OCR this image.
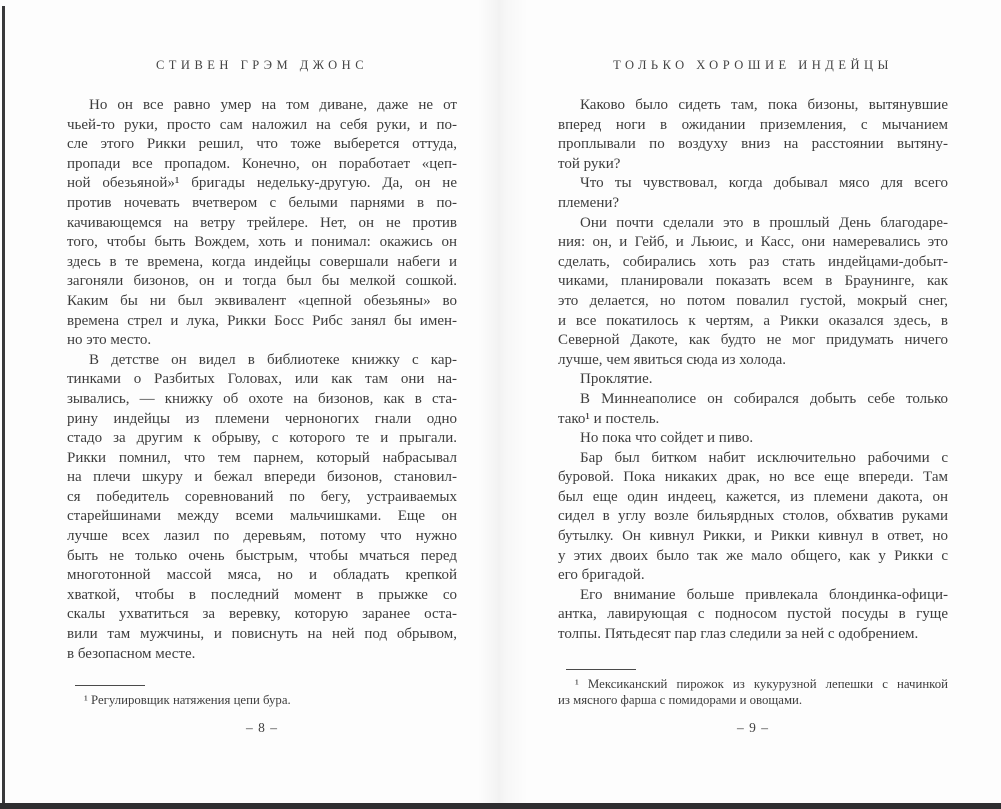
СТИВЕН ГРЭМ ДЖОНС
Но он все равно умер на том диване, даже не от
чьей-то руки, просто сам наложил на себя руки, и по-
сле этого Рикки решил, что тоже выберется оттуда,
пропади все пропадом. Конечно, он поработает «цеп-
ной обезьяной»¹ бригады недельку-другую. Да, он не
против ночевать вчетвером с белыми парнями в по-
качивающемся на ветру трейлере. Нет, он не против
того, чтобы быть Вождем, хоть и понимал: окажись он
здесь в те времена, когда индейцы совершали набеги и
загоняли бизонов, он и тогда был бы мелкой сошкой.
Каким бы ни был эквивалент «цепной обезьяны» во
времена стрел и лука, Рикки Босс Рибс занял бы имен-
но это место.
В детстве он видел в библиотеке книжку с кар-
тинками о Разбитых Головах, или как там они на-
зывались, — книжку об охоте на бизонов, как в ста-
рину индейцы из племени черноногих гнали одно
стадо за другим к обрыву, с которого те и прыгали.
Рикки помнил, что тем парнем, который набрасывал
на плечи шкуру и бежал впереди бизонов, становил-
ся победитель соревнований по бегу, устраиваемых
старейшинами между всеми мальчишками. Еще он
лучше всех лазил по деревьям, потому что нужно
быть не только очень быстрым, чтобы мчаться перед
многотонной массой мяса, но и обладать крепкой
хваткой, чтобы в последний момент в прыжке со
скалы ухватиться за веревку, которую заранее оста-
вили там мужчины, и повиснуть на ней под обрывом,
в безопасном месте.
¹ Регулировщик натяжения цепи бура.
– 8 –
ТОЛЬКО ХОРОШИЕ ИНДЕЙЦЫ
Каково было сидеть там, пока бизоны, вытянувшие
вперед ноги в ожидании приземления, с мычанием
проплывали по воздуху вниз на расстоянии вытяну-
той руки?
Что ты чувствовал, когда добывал мясо для всего
племени?
Они почти сделали это в прошлый День благодаре-
ния: он, и Гейб, и Льюис, и Касс, они намеревались это
сделать, собирались хоть раз стать индейцами-добыт-
чиками, планировали показать всем в Браунинге, как
это делается, но потом повалил густой, мокрый снег,
и все покатилось к чертям, а Рикки оказался здесь, в
Северной Дакоте, как будто не мог придумать ничего
лучше, чем явиться сюда из холода.
Проклятие.
В Миннеаполисе он собирался добыть себе только
тако¹ и постель.
Но пока что сойдет и пиво.
Бар был битком набит исключительно рабочими с
буровой. Пока никаких драк, но все еще впереди. Там
был еще один индеец, кажется, из племени дакота, он
сидел в углу возле бильярдных столов, обхватив руками
бутылку. Он кивнул Рикки, и Рикки кивнул в ответ, но
у этих двоих было так же мало общего, как у Рикки с
его бригадой.
Его внимание больше привлекала блондинка-офици-
антка, лавирующая с подносом пустой посуды в гуще
толпы. Пятьдесят пар глаз следили за ней с одобрением.
¹ Мексиканский пирожок из кукурузной лепешки с начинкой
из мясного фарша с помидорами и овощами.
– 9 –
